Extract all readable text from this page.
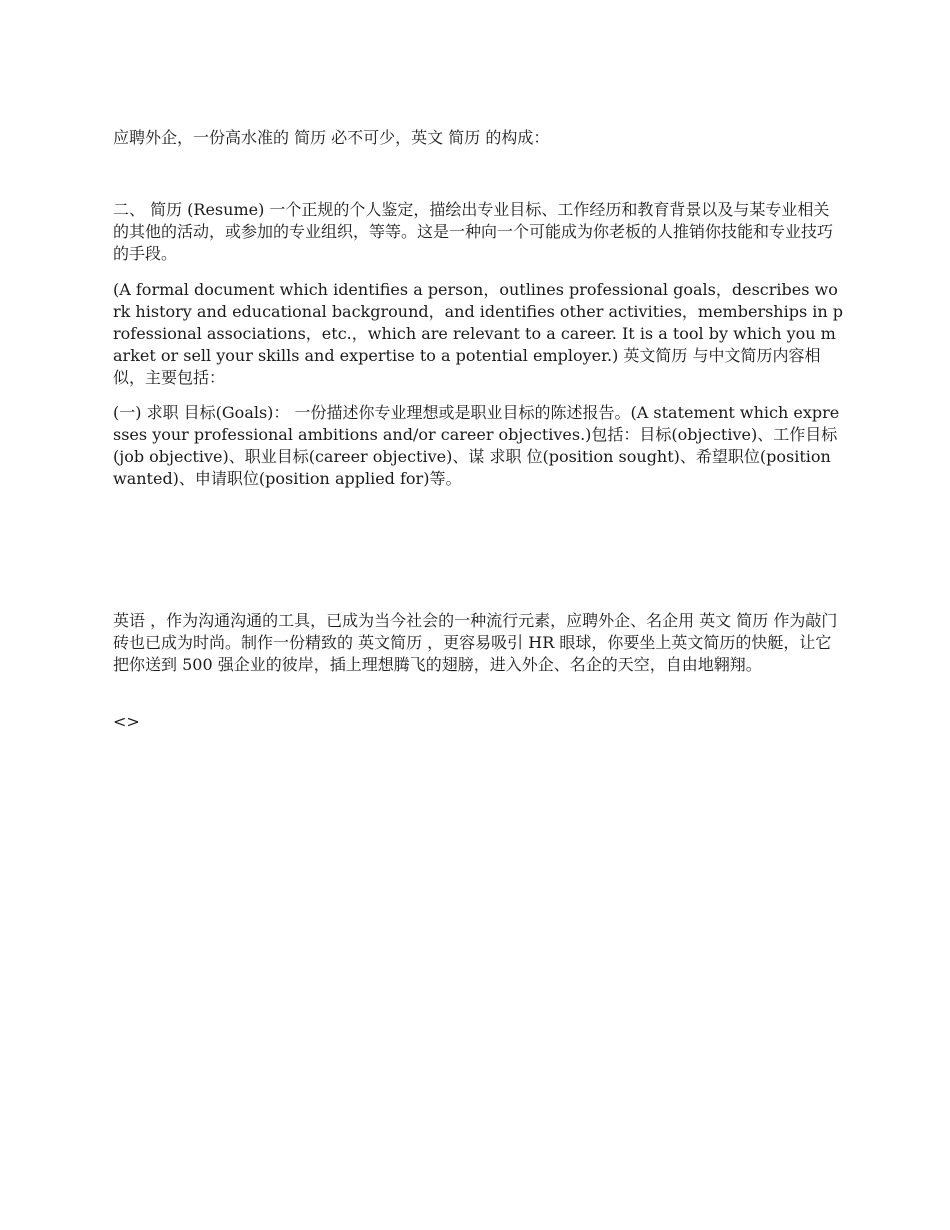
应聘外企，一份高水准的 简历 必不可少，英文 简历 的构成：

二、 简历 (Resume) 一个正规的个人鉴定，描绘出专业目标、工作经历和教育背景以及与某专业相关的其他的活动，或参加的专业组织，等等。这是一种向一个可能成为你老板的人推销你技能和专业技巧的手段。

(A formal document which identifies a person，outlines professional goals，describes work history and educational background，and identifies other activities，memberships in professional associations，etc.，which are relevant to a career. It is a tool by which you market or sell your skills and expertise to a potential employer.) 英文简历 与中文简历内容相似，主要包括：

(一) 求职 目标(Goals)： 一份描述你专业理想或是职业目标的陈述报告。(A statement which expresses your professional ambitions and/or career objectives.)包括：目标(objective)、工作目标(job objective)、职业目标(career objective)、谋 求职 位(position sought)、希望职位(position wanted)、申请职位(position applied for)等。

英语 ，作为沟通沟通的工具，已成为当今社会的一种流行元素，应聘外企、名企用 英文 简历 作为敲门砖也已成为时尚。制作一份精致的 英文简历 ，更容易吸引 HR 眼球，你要坐上英文简历的快艇，让它把你送到 500 强企业的彼岸，插上理想腾飞的翅膀，进入外企、名企的天空，自由地翱翔。

<>
